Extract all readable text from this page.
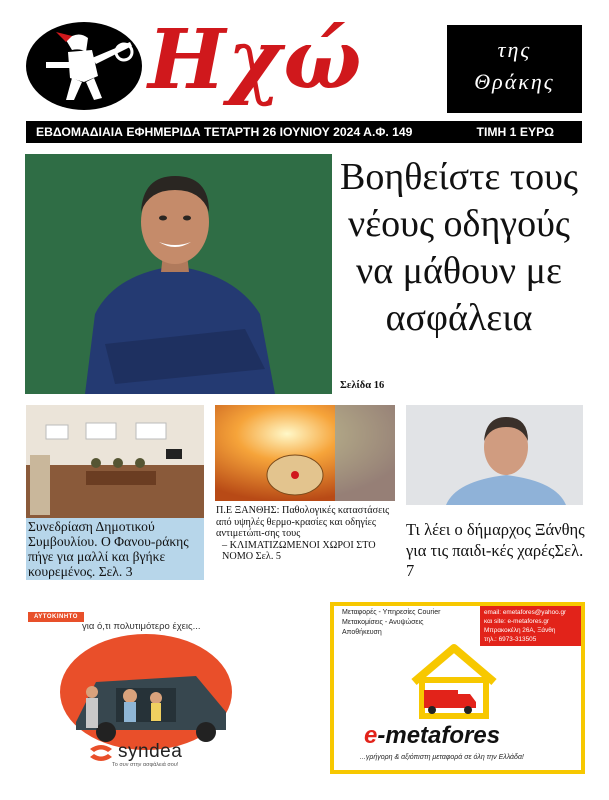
Ηχώ	της
Θράκης
ΕΒΔΟΜΑΔΙΑΙΑ ΕΦΗΜΕΡΙΔΑ ΤΕΤΑΡΤΗ 26 ΙΟΥΝΙΟΥ 2024 Α.Φ. 149	ΤΙΜΗ 1 ΕΥΡΩ
Βοηθείστε τους νέους οδηγούς να μάθουν με ασφάλεια
Σελίδα 16
Συνεδρίαση Δημοτικού Συμβουλίου. Ο Φανου-ράκης πήγε για μαλλί και βγήκε κουρεμένος. Σελ. 3
Π.Ε ΞΑΝΘΗΣ: Παθολογικές καταστάσεις από υψηλές θερμο-κρασίες και οδηγίες αντιμετώπι-σης τους
– ΚΛΙΜΑΤΙΖΩΜΕΝΟΙ ΧΩΡΟΙ ΣΤΟ ΝΟΜΟ Σελ. 5
Τι λέει ο δήμαρχος Ξάνθης για τις παιδι-κές χαρέςΣελ. 7
ΑΥΤΟΚΙΝΗΤΟ
για ό,τι πολυτιμότερο έχεις...
syndea
Το συν στην ασφάλειά σου!
Μεταφορές - Υπηρεσίες Courier
Μετακομίσεις - Ανυψώσεις
Αποθήκευση
email: emetafores@yahoo.gr
και site: e-metafores.gr
Μπρακοκέλη 26Α, Ξάνθη
τηλ.: 6973-313505
e-metafores
...γρήγορη & αξιόπιστη μεταφορά σε όλη την Ελλάδα!
